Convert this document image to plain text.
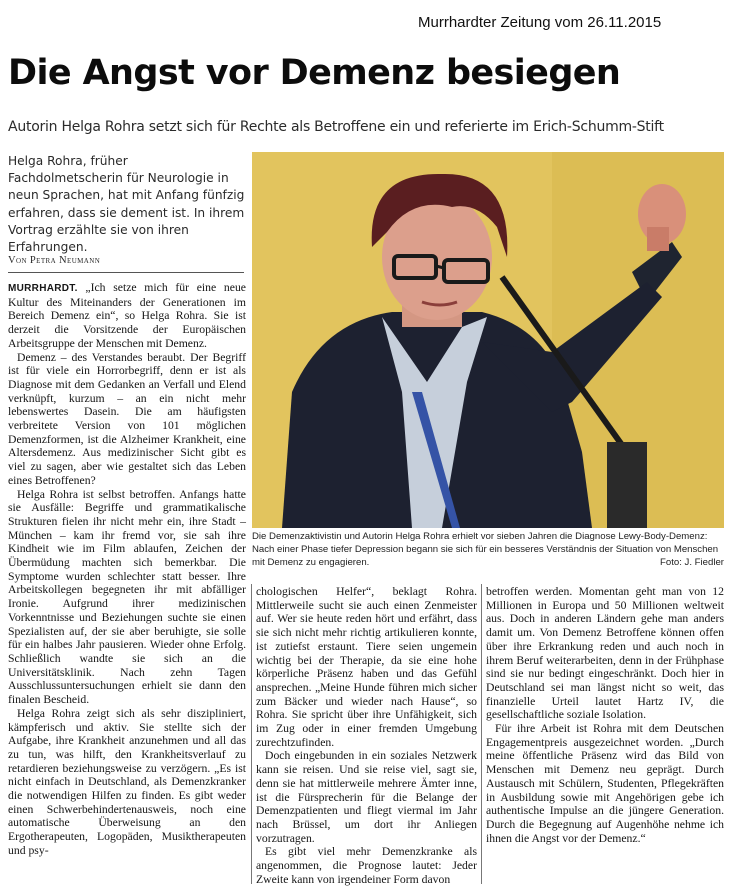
Murrhardter Zeitung vom 26.11.2015
Die Angst vor Demenz besiegen
Autorin Helga Rohra setzt sich für Rechte als Betroffene ein und referierte im Erich-Schumm-Stift

Helga Rohra, früher Fachdolmetscherin für Neurologie in neun Sprachen, hat mit Anfang fünfzig erfahren, dass sie dement ist. In ihrem Vortrag erzählte sie von ihren Erfahrungen.

Von Petra Neumann
Die Demenzaktivistin und Autorin Helga Rohra erhielt vor sieben Jahren die Diagnose Lewy-Body-Demenz: Nach einer Phase tiefer Depression begann sie sich für ein besseres Verständnis der Situation von Menschen mit Demenz zu engagieren.	Foto: J. Fiedler

MURRHARDT. „Ich setze mich für eine neue Kultur des Miteinanders der Generationen im Bereich Demenz ein“, so Helga Rohra. Sie ist derzeit die Vorsitzende der Europäischen Arbeitsgruppe der Menschen mit Demenz.

Demenz – des Verstandes beraubt. Der Begriff ist für viele ein Horrorbegriff, denn er ist als Diagnose mit dem Gedanken an Verfall und Elend verknüpft, kurzum – an ein nicht mehr lebenswertes Dasein. Die am häufigsten verbreitete Version von 101 möglichen Demenzformen, ist die Alzheimer Krankheit, eine Altersdemenz. Aus medizinischer Sicht gibt es viel zu sagen, aber wie gestaltet sich das Leben eines Betroffenen?

Helga Rohra ist selbst betroffen. Anfangs hatte sie Ausfälle: Begriffe und grammatikalische Strukturen fielen ihr nicht mehr ein, ihre Stadt – München – kam ihr fremd vor, sie sah ihre Kindheit wie im Film ablaufen, Zeichen der Übermüdung machten sich bemerkbar. Die Symptome wurden schlechter statt besser. Ihre Arbeitskollegen begegneten ihr mit abfälliger Ironie. Aufgrund ihrer medizinischen Vorkenntnisse und Beziehungen suchte sie einen Spezialisten auf, der sie aber beruhigte, sie solle für ein halbes Jahr pausieren. Wieder ohne Erfolg. Schließlich wandte sie sich an die Universitätsklinik. Nach zehn Tagen Ausschlussuntersuchungen erhielt sie dann den finalen Bescheid.

Helga Rohra zeigt sich als sehr diszipliniert, kämpferisch und aktiv. Sie stellte sich der Aufgabe, ihre Krankheit anzunehmen und all das zu tun, was hilft, den Krankheitsverlauf zu retardieren beziehungsweise zu verzögern. „Es ist nicht einfach in Deutschland, als Demenzkranker die notwendigen Hilfen zu finden. Es gibt weder einen Schwerbehindertenausweis, noch eine automatische Überweisung an den Ergotherapeuten, Logopäden, Musiktherapeuten und psy-

chologischen Helfer“, beklagt Rohra. Mittlerweile sucht sie auch einen Zenmeister auf. Wer sie heute reden hört und erfährt, dass sie sich nicht mehr richtig artikulieren konnte, ist zutiefst erstaunt. Tiere seien ungemein wichtig bei der Therapie, da sie eine hohe körperliche Präsenz haben und das Gefühl ansprechen. „Meine Hunde führen mich sicher zum Bäcker und wieder nach Hause“, so Rohra. Sie spricht über ihre Unfähigkeit, sich im Zug oder in einer fremden Umgebung zurechtzufinden.

Doch eingebunden in ein soziales Netzwerk kann sie reisen. Und sie reise viel, sagt sie, denn sie hat mittlerweile mehrere Ämter inne, ist die Fürsprecherin für die Belange der Demenzpatienten und fliegt viermal im Jahr nach Brüssel, um dort ihr Anliegen vorzutragen.

Es gibt viel mehr Demenzkranke als angenommen, die Prognose lautet: Jeder Zweite kann von irgendeiner Form davon

betroffen werden. Momentan geht man von 12 Millionen in Europa und 50 Millionen weltweit aus. Doch in anderen Ländern gehe man anders damit um. Von Demenz Betroffene können offen über ihre Erkrankung reden und auch noch in ihrem Beruf weiterarbeiten, denn in der Frühphase sind sie nur bedingt eingeschränkt. Doch hier in Deutschland sei man längst nicht so weit, das finanzielle Urteil lautet Hartz IV, die gesellschaftliche soziale Isolation.

Für ihre Arbeit ist Rohra mit dem Deutschen Engagementpreis ausgezeichnet worden. „Durch meine öffentliche Präsenz wird das Bild von Menschen mit Demenz neu geprägt. Durch Austausch mit Schülern, Studenten, Pflegekräften in Ausbildung sowie mit Angehörigen gebe ich authentische Impulse an die jüngere Generation. Durch die Begegnung auf Augenhöhe nehme ich ihnen die Angst vor der Demenz.“
